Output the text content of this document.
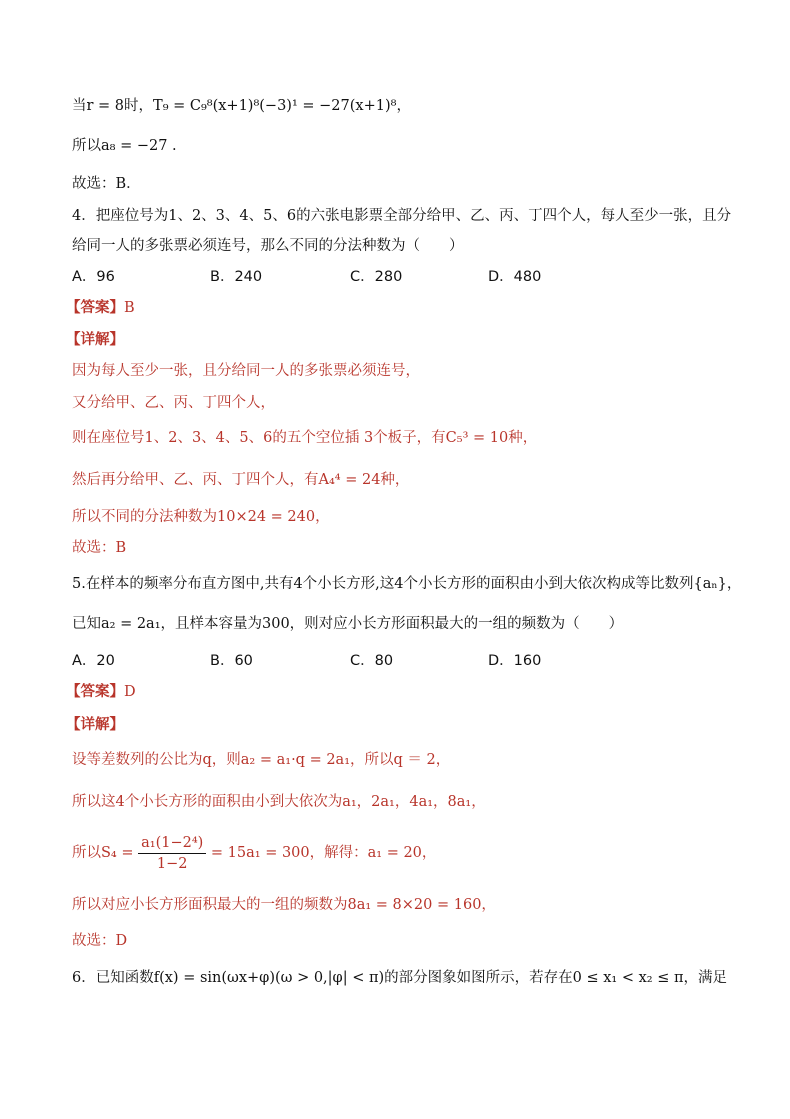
当r = 8时，T₉ = C₉⁸(x+1)⁸(−3)¹ = −27(x+1)⁸，
所以a₈ = −27 .
故选：B．
4．把座位号为1、2、3、4、5、6的六张电影票全部分给甲、乙、丙、丁四个人，每人至少一张，且分
给同一人的多张票必须连号，那么不同的分法种数为（　　）
A．96	B．240	C．280	D．480
【答案】B
【详解】
因为每人至少一张，且分给同一人的多张票必须连号，
又分给甲、乙、丙、丁四个人，
则在座位号1、2、3、4、5、6的五个空位插 3个板子，有C₅³ = 10种，
然后再分给甲、乙、丙、丁四个人，有A₄⁴ = 24种，
所以不同的分法种数为10×24 = 240，
故选：B
5.在样本的频率分布直方图中,共有4个小长方形,这4个小长方形的面积由小到大依次构成等比数列{aₙ}，
已知a₂ = 2a₁，且样本容量为300，则对应小长方形面积最大的一组的频数为（　　）
A．20	B．60	C．80	D．160
【答案】D
【详解】
设等差数列的公比为q，则a₂ = a₁·q = 2a₁，所以q ＝ 2，
所以这4个小长方形的面积由小到大依次为a₁，2a₁，4a₁，8a₁，
所以$S_4 = \frac{\text{a₁(1−2⁴)}}{1-2} = 15a_1 = 300$，解得：a₁ = 20，
所以对应小长方形面积最大的一组的频数为8a₁ = 8×20 = 160，
故选：D
6．已知函数f(x) = sin(ωx+φ)(ω > 0,|φ| < π)的部分图象如图所示，若存在0 ≤ x₁ < x₂ ≤ π，满足
